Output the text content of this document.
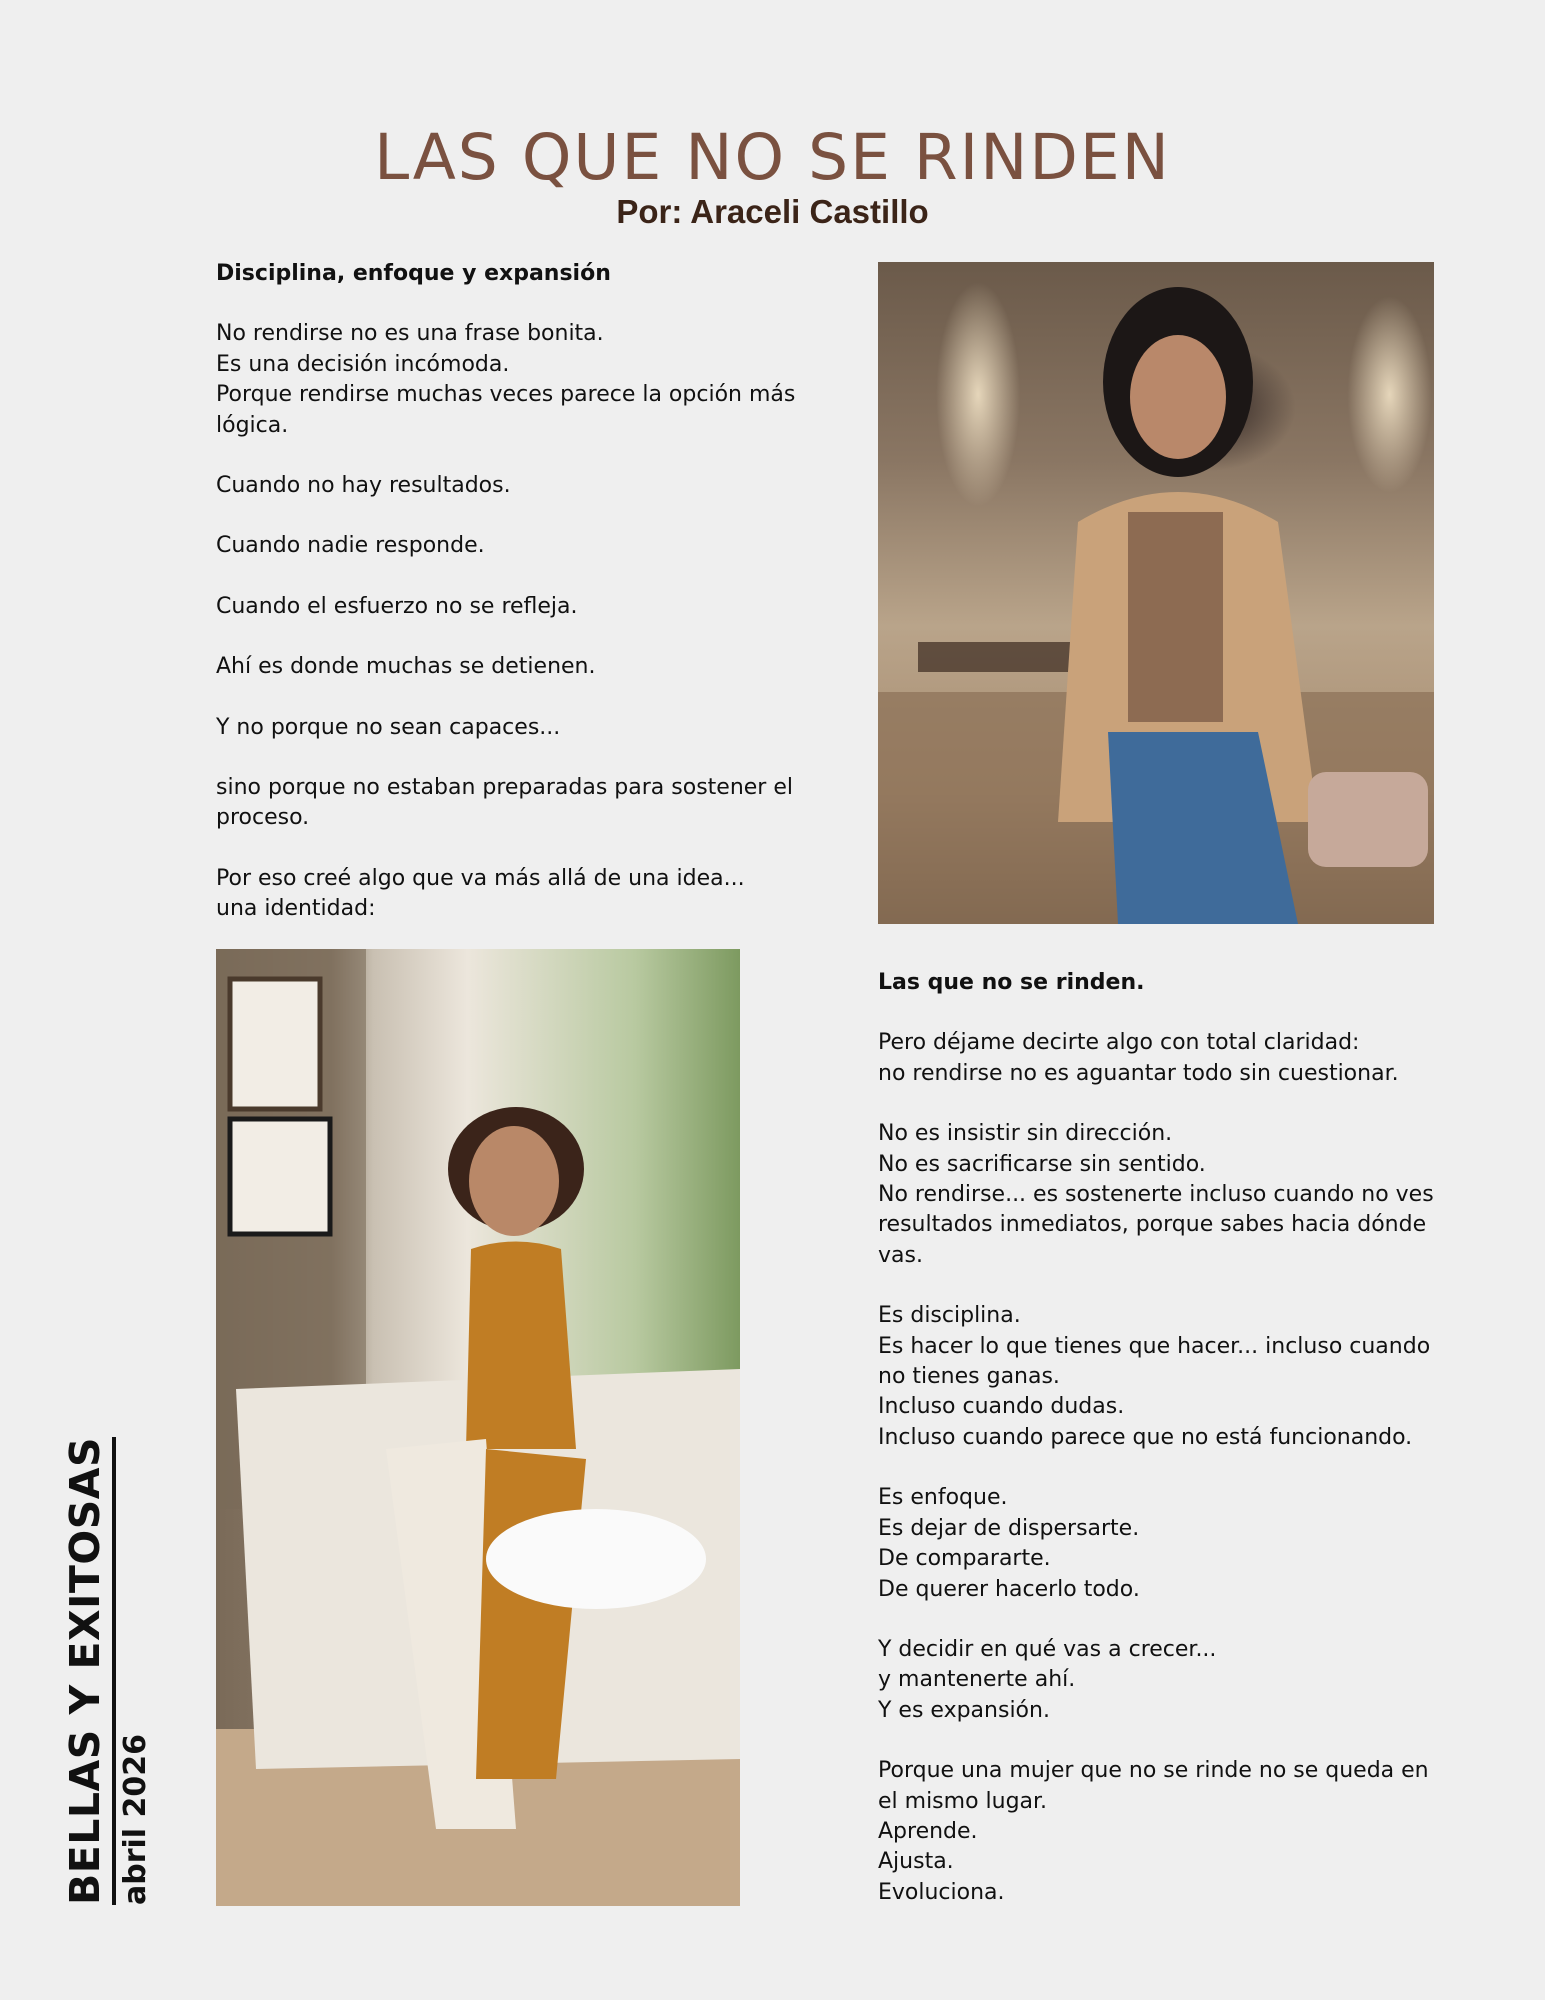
LAS QUE NO SE RINDEN
Por: Araceli Castillo

Disciplina, enfoque y expansión

No rendirse no es una frase bonita.
Es una decisión incómoda.
Porque rendirse muchas veces parece la opción más lógica.

Cuando no hay resultados.

Cuando nadie responde.

Cuando el esfuerzo no se refleja.

Ahí es donde muchas se detienen.

Y no porque no sean capaces...

sino porque no estaban preparadas para sostener el proceso.

Por eso creé algo que va más allá de una idea...
una identidad:

Las que no se rinden.

Pero déjame decirte algo con total claridad:
no rendirse no es aguantar todo sin cuestionar.

No es insistir sin dirección.
No es sacrificarse sin sentido.
No rendirse... es sostenerte incluso cuando no ves resultados inmediatos, porque sabes hacia dónde vas.

Es disciplina.
Es hacer lo que tienes que hacer... incluso cuando no tienes ganas.
Incluso cuando dudas.
Incluso cuando parece que no está funcionando.

Es enfoque.
Es dejar de dispersarte.
De compararte.
De querer hacerlo todo.

Y decidir en qué vas a crecer...
y mantenerte ahí.
Y es expansión.

Porque una mujer que no se rinde no se queda en el mismo lugar.
Aprende.
Ajusta.
Evoluciona.

BELLAS Y EXITOSAS abril 2026
